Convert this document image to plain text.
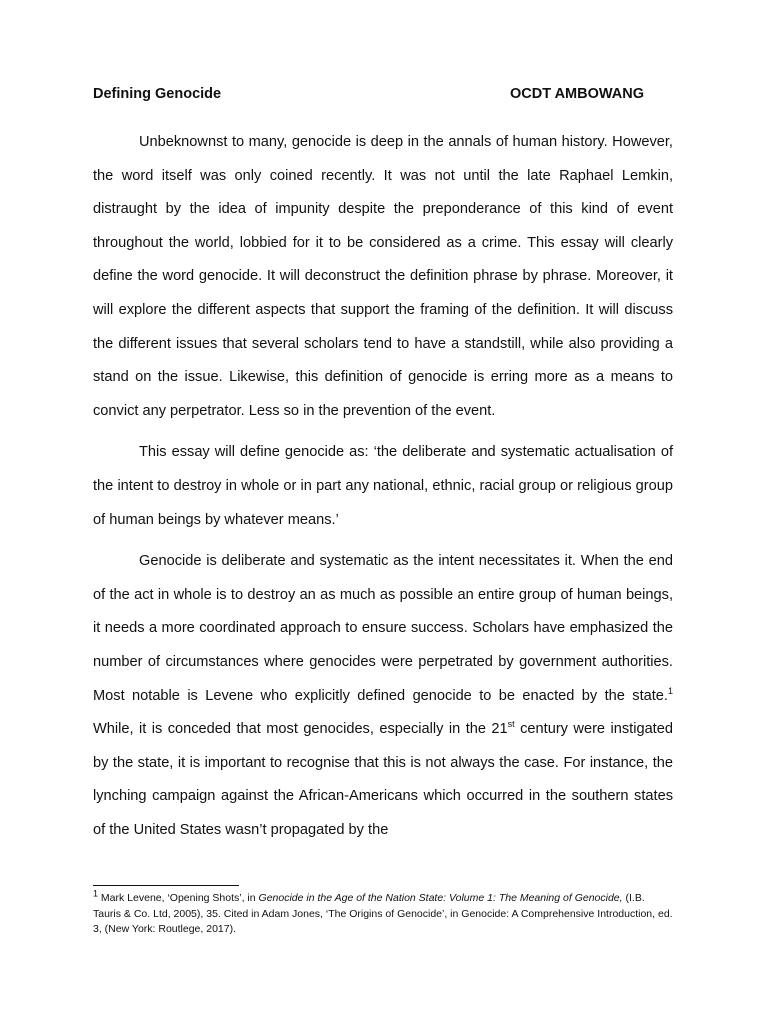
Defining Genocide	OCDT AMBOWANG

Unbeknownst to many, genocide is deep in the annals of human history. However, the word itself was only coined recently. It was not until the late Raphael Lemkin, distraught by the idea of impunity despite the preponderance of this kind of event throughout the world, lobbied for it to be considered as a crime. This essay will clearly define the word genocide. It will deconstruct the definition phrase by phrase. Moreover, it will explore the different aspects that support the framing of the definition. It will discuss the different issues that several scholars tend to have a standstill, while also providing a stand on the issue. Likewise, this definition of genocide is erring more as a means to convict any perpetrator. Less so in the prevention of the event.

This essay will define genocide as: ‘the deliberate and systematic actualisation of the intent to destroy in whole or in part any national, ethnic, racial group or religious group of human beings by whatever means.’

Genocide is deliberate and systematic as the intent necessitates it. When the end of the act in whole is to destroy an as much as possible an entire group of human beings, it needs a more coordinated approach to ensure success. Scholars have emphasized the number of circumstances where genocides were perpetrated by government authorities. Most notable is Levene who explicitly defined genocide to be enacted by the state.$^1$ While, it is conceded that most genocides, especially in the 21st century were instigated by the state, it is important to recognise that this is not always the case. For instance, the lynching campaign against the African-Americans which occurred in the southern states of the United States wasn’t propagated by the

$^1$ Mark Levene, ‘Opening Shots’, in Genocide in the Age of the Nation State: Volume 1: The Meaning of Genocide, (I.B. Tauris & Co. Ltd, 2005), 35. Cited in Adam Jones, ‘The Origins of Genocide’, in Genocide: A Comprehensive Introduction, ed. 3, (New York: Routlege, 2017).
